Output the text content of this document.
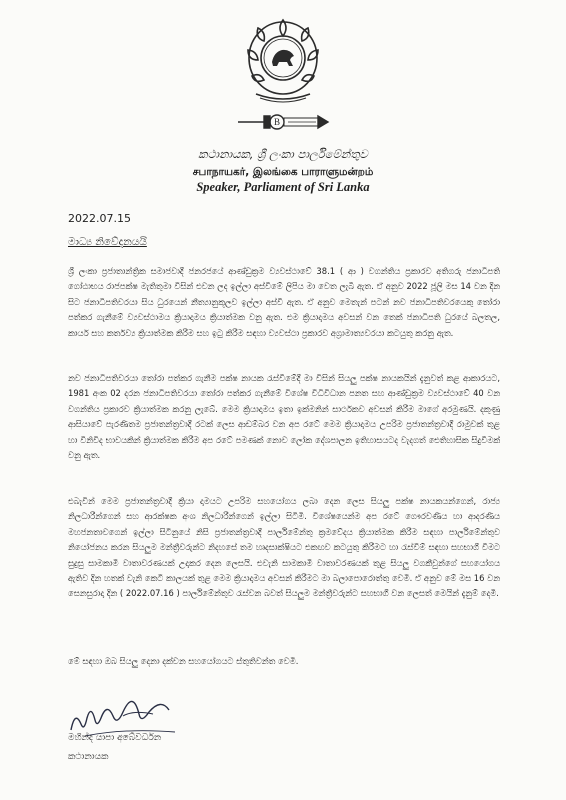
B
කථානායක, ශ්‍රී ලංකා පාර්ලිමේන්තුව
சபாநாயகர், இலங்கை பாராளுமன்றம்
Speaker, Parliament of Sri Lanka
2022.07.15
මාධ්‍ය නිවේදනයයි

ශ්‍රී ලංකා ප්‍රජාතාන්ත්‍රික සමාජවාදී ජනරජයේ ආණ්ඩුක්‍රම ව්‍යවස්ථාවේ 38.1 ( ආ ) වගන්තිය ප්‍රකාරව අතිගරු ජනාධිපති ගෝඨාභය රාජපක්ෂ මැතිතුමා විසින් එවන ලද ඉල්ලා අස්වීමේ ලිපිය මා වෙත ලැබී ඇත. ඒ අනුව 2022 ජූලි මස 14 වන දින සිට ජනාධිපතිවරයා සිය ධුරයෙන් නීත්‍යානුකූලව ඉල්ලා අස්වී ඇත. ඒ අනුව මෙතැන් පටන් නව ජනාධිපතිවරයෙකු තෝරා පත්කර ගැනීමේ ව්‍යවස්ථාමය ක්‍රියාදාමය ක්‍රියාත්මක වනු ඇත. එම ක්‍රියාදාමය අවසන් වන තෙක් ජනාධිපති ධුරයේ බලතල, කාර්ය සහ කර්තව්‍ය ක්‍රියාත්මක කිරීම සහ ඉටු කිරීම සඳහා ව්‍යවස්ථා ප්‍රකාරව අග්‍රාමාත්‍යවරයා කටයුතු කරනු ඇත.

නව ජනාධිපතිවරයා තෝරා පත්කර ගැනීම පක්ෂ නායක රැස්වීමේදී මා විසින් සියලු පක්ෂ නායකයින් දැනුවත් කළ ආකාරයට, 1981 අංක 02 දරන ජනාධිපතිවරයා තෝරා පත්කර ගැනීමේ විශේෂ විධිවිධාන පනත සහ ආණ්ඩුක්‍රම ව්‍යවස්ථාවේ 40 වන වගන්තිය ප්‍රකාරව ක්‍රියාත්මක කරනු ලැබේ. මෙම ක්‍රියාදාමය ඉතා ඉක්මනින් සාර්ථකව අවසන් කිරීම මාගේ අරමුණයි. දකුණු ආසියාවේ පැරණිතම ප්‍රජාතන්ත්‍රවාදී රටක් ලෙස ආඩම්බර වන අප රටේ මෙම ක්‍රියාදාමය උපරිම ප්‍රජාතන්ත්‍රවාදී රාමුවක් තුළ හා විනිවිද භාවයකින් ක්‍රියාත්මක කිරීම අප රටේ පමණක් නොව ලෝක දේශපාලන ඉතිහාසයටද වැදගත් ඓතිහාසික සිදුවීමක් වනු ඇත.

එබැවින් මෙම ප්‍රජාතන්ත්‍රවාදී ක්‍රියා දාමයට උපරිම සහයෝගය ලබා දෙන ලෙස සියලු පක්ෂ නායකයන්ගෙන්, රාජ්‍ය නිලධාරීන්ගෙන් සහ ආරක්ෂක අංශ නිලධාරීන්ගෙන් ඉල්ලා සිටිමි. විශේෂයෙන්ම අප රටේ ගෞරවණීය හා ආදරණීය මහජනතාවගෙන් ඉල්ලා සිටිනුයේ නිසි ප්‍රජාතන්ත්‍රවාදී පාර්ලිමේන්තු ක්‍රමවේදය ක්‍රියාත්මක කිරීම සඳහා පාර්ලිමේන්තුව නියෝජනය කරන සියලුම මන්ත්‍රීවරුන්ට නිදහසේ තම හෘදසාක්ෂියට එකඟව කටයුතු කිරීමට හා රැස්වීම් සඳහා සහභාගී වීමට සුදුසු සාමකාමී වාතාවරණයක් උදාකර දෙන ලෙසයි. එවැනි සාමකාමී වාතාවරණයක් තුළ සියලු වගකීවුන්ගේ සහයෝගය ඇතිව දින හතක් වැනි කෙටි කාලයක් තුළ මෙම ක්‍රියාදාමය අවසන් කිරීමට මා බලාපොරොත්තු වෙමි. ඒ අනුව මේ මස 16 වන සෙනසුරාදා දින ( 2022.07.16 ) පාර්ලිමේන්තුව රැස්වන බවත් සියලුම මන්ත්‍රීවරුන්ට සහභාගී වන ලෙසත් මෙයින් දැනුම් දෙමි.

මේ සඳහා ඔබ සියලු දෙනා දක්වන සහයෝගයට ස්තුතිවන්ත වෙමි.

මහින්ද යාපා අබේවර්ධන
කථානායක
